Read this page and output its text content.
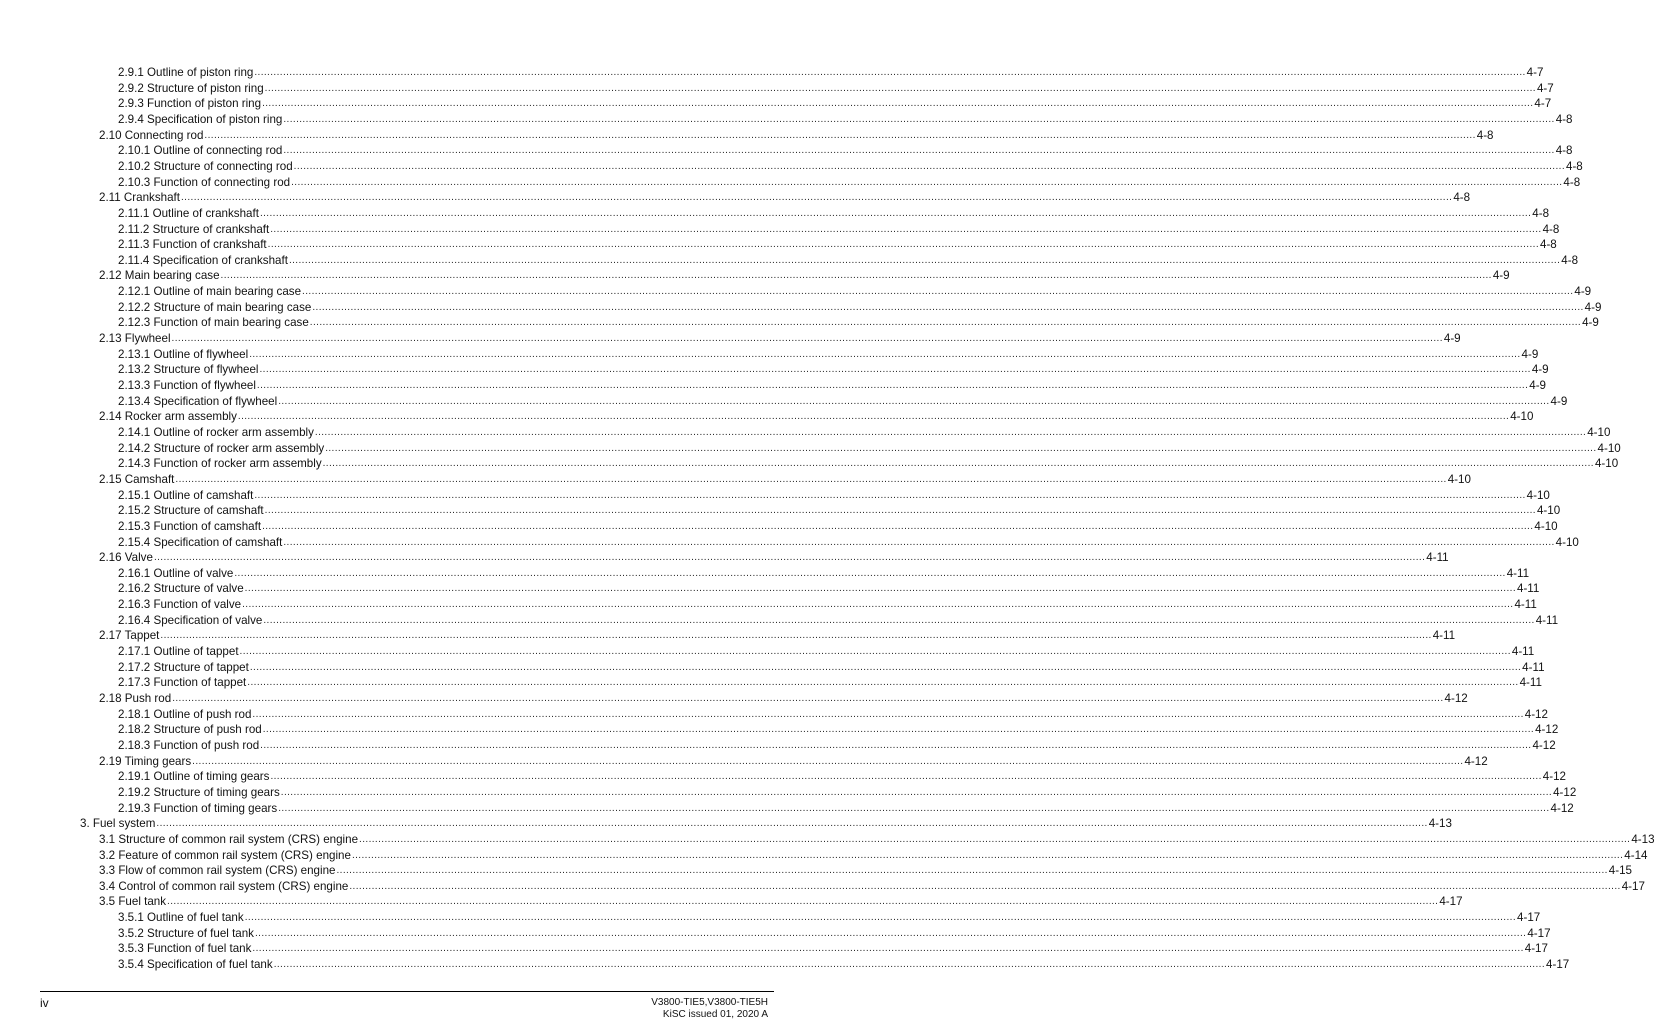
2.9.1 Outline of piston ring ................................................................................................................................................................................................................................................................................................................................................................................................................ 4-7
2.9.2 Structure of piston ring ................................................................................................................................................................................................................................................................................................................................................................................................................ 4-7
2.9.3 Function of piston ring ................................................................................................................................................................................................................................................................................................................................................................................................................ 4-7
2.9.4 Specification of piston ring ................................................................................................................................................................................................................................................................................................................................................................................................................ 4-8
2.10 Connecting rod ................................................................................................................................................................................................................................................................................................................................................................................................................ 4-8
2.10.1 Outline of connecting rod ................................................................................................................................................................................................................................................................................................................................................................................................................ 4-8
2.10.2 Structure of connecting rod ................................................................................................................................................................................................................................................................................................................................................................................................................ 4-8
2.10.3 Function of connecting rod ................................................................................................................................................................................................................................................................................................................................................................................................................ 4-8
2.11 Crankshaft ................................................................................................................................................................................................................................................................................................................................................................................................................ 4-8
2.11.1 Outline of crankshaft ................................................................................................................................................................................................................................................................................................................................................................................................................ 4-8
2.11.2 Structure of crankshaft ................................................................................................................................................................................................................................................................................................................................................................................................................ 4-8
2.11.3 Function of crankshaft ................................................................................................................................................................................................................................................................................................................................................................................................................ 4-8
2.11.4 Specification of crankshaft ................................................................................................................................................................................................................................................................................................................................................................................................................ 4-8
2.12 Main bearing case ................................................................................................................................................................................................................................................................................................................................................................................................................ 4-9
2.12.1 Outline of main bearing case ................................................................................................................................................................................................................................................................................................................................................................................................................ 4-9
2.12.2 Structure of main bearing case ................................................................................................................................................................................................................................................................................................................................................................................................................ 4-9
2.12.3 Function of main bearing case ................................................................................................................................................................................................................................................................................................................................................................................................................ 4-9
2.13 Flywheel ................................................................................................................................................................................................................................................................................................................................................................................................................ 4-9
2.13.1 Outline of flywheel ................................................................................................................................................................................................................................................................................................................................................................................................................ 4-9
2.13.2 Structure of flywheel ................................................................................................................................................................................................................................................................................................................................................................................................................ 4-9
2.13.3 Function of flywheel ................................................................................................................................................................................................................................................................................................................................................................................................................ 4-9
2.13.4 Specification of flywheel ................................................................................................................................................................................................................................................................................................................................................................................................................ 4-9
2.14 Rocker arm assembly ................................................................................................................................................................................................................................................................................................................................................................................................................ 4-10
2.14.1 Outline of rocker arm assembly ................................................................................................................................................................................................................................................................................................................................................................................................................ 4-10
2.14.2 Structure of rocker arm assembly ................................................................................................................................................................................................................................................................................................................................................................................................................ 4-10
2.14.3 Function of rocker arm assembly ................................................................................................................................................................................................................................................................................................................................................................................................................ 4-10
2.15 Camshaft ................................................................................................................................................................................................................................................................................................................................................................................................................ 4-10
2.15.1 Outline of camshaft ................................................................................................................................................................................................................................................................................................................................................................................................................ 4-10
2.15.2 Structure of camshaft ................................................................................................................................................................................................................................................................................................................................................................................................................ 4-10
2.15.3 Function of camshaft ................................................................................................................................................................................................................................................................................................................................................................................................................ 4-10
2.15.4 Specification of camshaft ................................................................................................................................................................................................................................................................................................................................................................................................................ 4-10
2.16 Valve ................................................................................................................................................................................................................................................................................................................................................................................................................ 4-11
2.16.1 Outline of valve ................................................................................................................................................................................................................................................................................................................................................................................................................ 4-11
2.16.2 Structure of valve ................................................................................................................................................................................................................................................................................................................................................................................................................ 4-11
2.16.3 Function of valve ................................................................................................................................................................................................................................................................................................................................................................................................................ 4-11
2.16.4 Specification of valve ................................................................................................................................................................................................................................................................................................................................................................................................................ 4-11
2.17 Tappet ................................................................................................................................................................................................................................................................................................................................................................................................................ 4-11
2.17.1 Outline of tappet ................................................................................................................................................................................................................................................................................................................................................................................................................ 4-11
2.17.2 Structure of tappet ................................................................................................................................................................................................................................................................................................................................................................................................................ 4-11
2.17.3 Function of tappet ................................................................................................................................................................................................................................................................................................................................................................................................................ 4-11
2.18 Push rod ................................................................................................................................................................................................................................................................................................................................................................................................................ 4-12
2.18.1 Outline of push rod ................................................................................................................................................................................................................................................................................................................................................................................................................ 4-12
2.18.2 Structure of push rod ................................................................................................................................................................................................................................................................................................................................................................................................................ 4-12
2.18.3 Function of push rod ................................................................................................................................................................................................................................................................................................................................................................................................................ 4-12
2.19 Timing gears ................................................................................................................................................................................................................................................................................................................................................................................................................ 4-12
2.19.1 Outline of timing gears ................................................................................................................................................................................................................................................................................................................................................................................................................ 4-12
2.19.2 Structure of timing gears ................................................................................................................................................................................................................................................................................................................................................................................................................ 4-12
2.19.3 Function of timing gears ................................................................................................................................................................................................................................................................................................................................................................................................................ 4-12
3. Fuel system ................................................................................................................................................................................................................................................................................................................................................................................................................ 4-13
3.1 Structure of common rail system (CRS) engine ................................................................................................................................................................................................................................................................................................................................................................................................................ 4-13
3.2 Feature of common rail system (CRS) engine ................................................................................................................................................................................................................................................................................................................................................................................................................ 4-14
3.3 Flow of common rail system (CRS) engine ................................................................................................................................................................................................................................................................................................................................................................................................................ 4-15
3.4 Control of common rail system (CRS) engine ................................................................................................................................................................................................................................................................................................................................................................................................................ 4-17
3.5 Fuel tank ................................................................................................................................................................................................................................................................................................................................................................................................................ 4-17
3.5.1 Outline of fuel tank ................................................................................................................................................................................................................................................................................................................................................................................................................ 4-17
3.5.2 Structure of fuel tank ................................................................................................................................................................................................................................................................................................................................................................................................................ 4-17
3.5.3 Function of fuel tank ................................................................................................................................................................................................................................................................................................................................................................................................................ 4-17
3.5.4 Specification of fuel tank ................................................................................................................................................................................................................................................................................................................................................................................................................ 4-17
iv	V3800-TIE5,V3800-TIE5H
KiSC issued 01, 2020 A
